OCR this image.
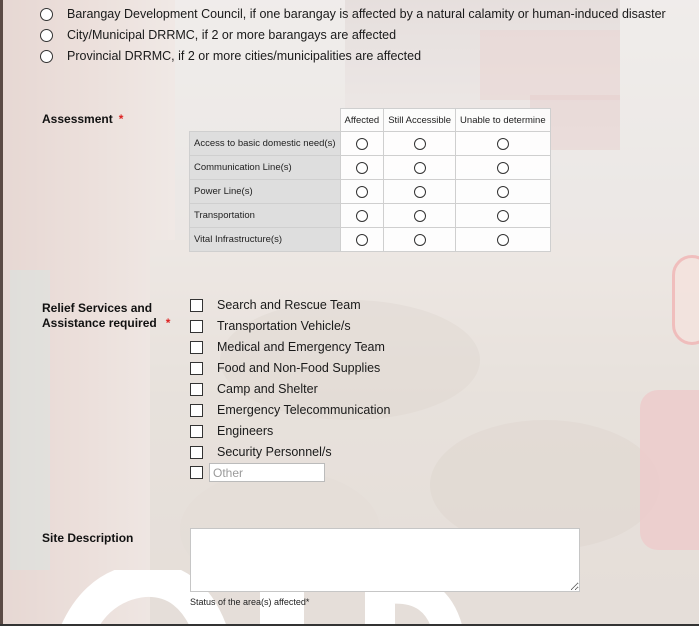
Barangay Development Council, if one barangay is affected by a natural calamity or human-induced disaster
City/Municipal DRRMC, if 2 or more barangays are affected
Provincial DRRMC, if 2 or more cities/municipalities are affected
Assessment *
		Affected	Still Accessible	Unable to determine
Access to basic domestic need(s)			
Communication Line(s)			
Power Line(s)			
Transportation			
Vital Infrastructure(s)			
Relief Services and
Assistance required *
Search and Rescue Team
Transportation Vehicle/s
Medical and Emergency Team
Food and Non-Food Supplies
Camp and Shelter
Emergency Telecommunication
Engineers
Security Personnel/s
Other
Site Description
Status of the area(s) affected*
